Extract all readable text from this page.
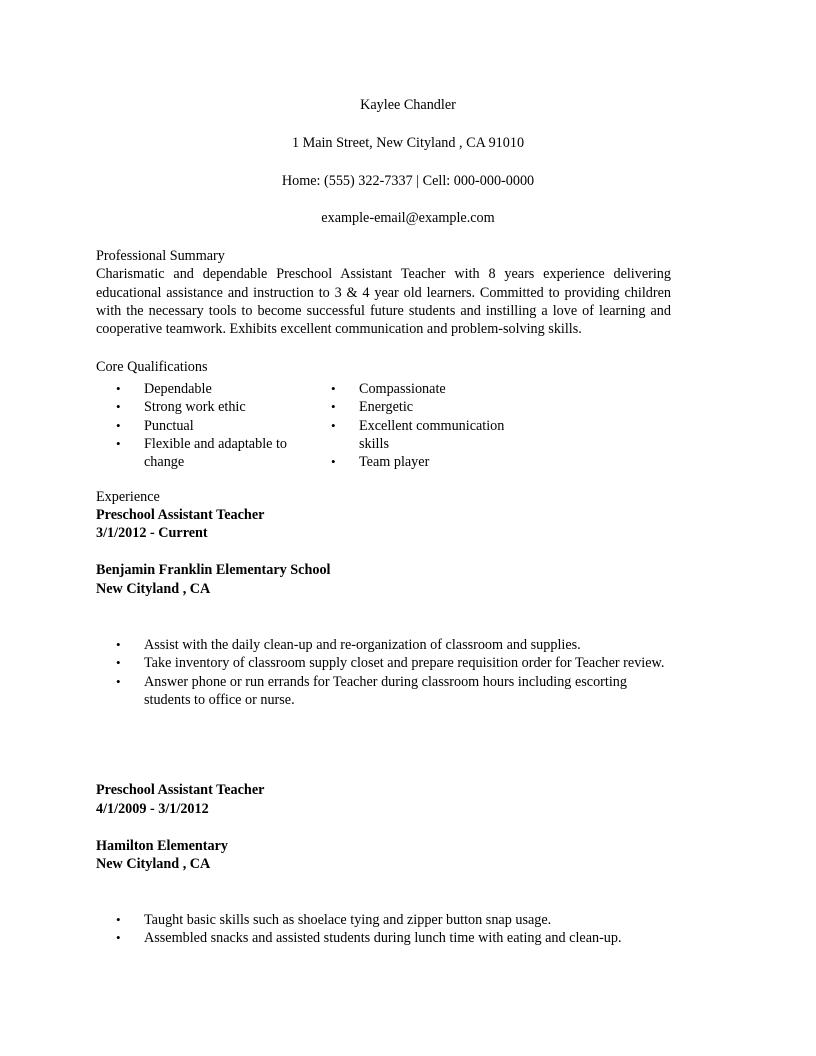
Kaylee Chandler
1 Main Street, New Cityland , CA 91010
Home: (555) 322-7337 | Cell: 000-000-0000
example-email@example.com
Professional Summary
Charismatic and dependable Preschool Assistant Teacher with 8 years experience delivering educational assistance and instruction to 3 & 4 year old learners. Committed to providing children with the necessary tools to become successful future students and instilling a love of learning and cooperative teamwork. Exhibits excellent communication and problem-solving skills.
Core Qualifications
• Dependable
• Strong work ethic
• Punctual
• Flexible and adaptable to change
• Compassionate
• Energetic
• Excellent communication skills
• Team player
Experience
Preschool Assistant Teacher
3/1/2012 - Current
Benjamin Franklin Elementary School
New Cityland , CA
• Assist with the daily clean-up and re-organization of classroom and supplies.
• Take inventory of classroom supply closet and prepare requisition order for Teacher review.
• Answer phone or run errands for Teacher during classroom hours including escorting students to office or nurse.
Preschool Assistant Teacher
4/1/2009 - 3/1/2012
Hamilton Elementary
New Cityland , CA
• Taught basic skills such as shoelace tying and zipper button snap usage.
• Assembled snacks and assisted students during lunch time with eating and clean-up.
